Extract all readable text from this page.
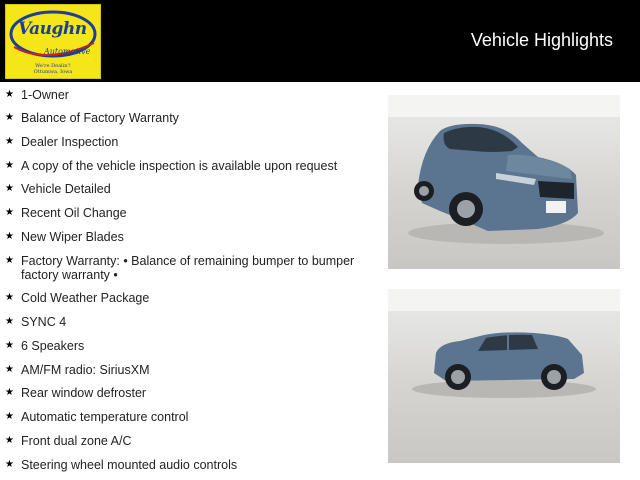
Vaughn
Automotive
We're Dealin'!
Ottumwa, Iowa
Vehicle Highlights
★ 1-Owner
★ Balance of Factory Warranty
★ Dealer Inspection
★ A copy of the vehicle inspection is available upon request
★ Vehicle Detailed
★ Recent Oil Change
★ New Wiper Blades
★ Factory Warranty: • Balance of remaining bumper to bumper factory warranty •
★ Cold Weather Package
★ SYNC 4
★ 6 Speakers
★ AM/FM radio: SiriusXM
★ Rear window defroster
★ Automatic temperature control
★ Front dual zone A/C
★ Steering wheel mounted audio controls
